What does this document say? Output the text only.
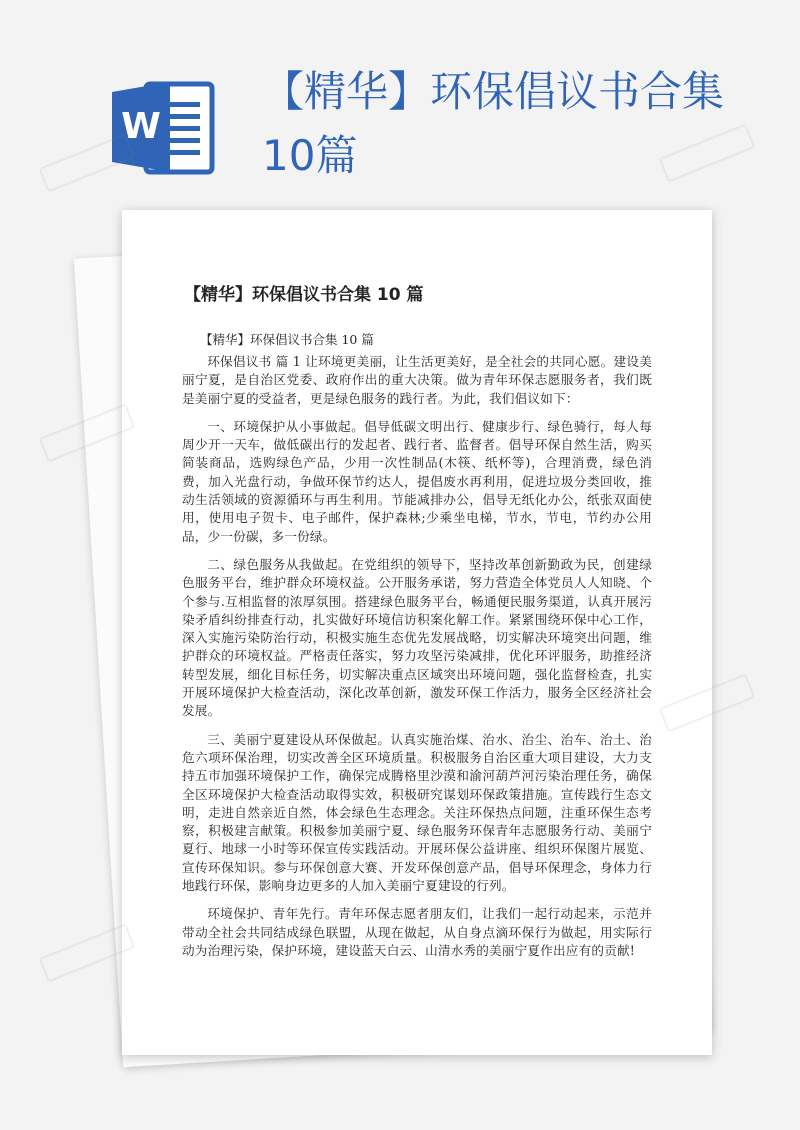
W
【精华】环保倡议书合集10篇
【精华】环保倡议书合集 10 篇

【精华】环保倡议书合集 10 篇

环保倡议书 篇 1 让环境更美丽，让生活更美好，是全社会的共同心愿。建设美丽宁夏，是自治区党委、政府作出的重大决策。做为青年环保志愿服务者，我们既是美丽宁夏的受益者，更是绿色服务的践行者。为此，我们倡议如下：

一、环境保护从小事做起。倡导低碳文明出行、健康步行、绿色骑行，每人每周少开一天车，做低碳出行的发起者、践行者、监督者。倡导环保自然生活，购买简装商品，选购绿色产品，少用一次性制品(木筷、纸杯等)，合理消费，绿色消费，加入光盘行动，争做环保节约达人，提倡废水再利用，促进垃圾分类回收，推动生活领域的资源循环与再生利用。节能减排办公，倡导无纸化办公，纸张双面使用，使用电子贺卡、电子邮件，保护森林;少乘坐电梯，节水，节电，节约办公用品，少一份碳，多一份绿。

二、绿色服务从我做起。在党组织的领导下，坚持改革创新勤政为民，创建绿色服务平台，维护群众环境权益。公开服务承诺，努力营造全体党员人人知晓、个个参与.互相监督的浓厚氛围。搭建绿色服务平台，畅通便民服务渠道，认真开展污染矛盾纠纷排查行动，扎实做好环境信访积案化解工作。紧紧围绕环保中心工作，深入实施污染防治行动，积极实施生态优先发展战略，切实解决环境突出问题，维护群众的环境权益。严格责任落实，努力攻坚污染减排，优化环评服务，助推经济转型发展，细化目标任务，切实解决重点区域突出环境问题，强化监督检查，扎实开展环境保护大检查活动，深化改革创新，激发环保工作活力，服务全区经济社会发展。

三、美丽宁夏建设从环保做起。认真实施治煤、治水、治尘、治车、治土、治危六项环保治理，切实改善全区环境质量。积极服务自治区重大项目建设，大力支持五市加强环境保护工作，确保完成腾格里沙漠和渝河葫芦河污染治理任务，确保全区环境保护大检查活动取得实效，积极研究谋划环保政策措施。宣传践行生态文明，走进自然亲近自然，体会绿色生态理念。关注环保热点问题，注重环保生态考察，积极建言献策。积极参加美丽宁夏、绿色服务环保青年志愿服务行动、美丽宁夏行、地球一小时等环保宣传实践活动。开展环保公益讲座、组织环保图片展览、宣传环保知识。参与环保创意大赛、开发环保创意产品，倡导环保理念，身体力行地践行环保，影响身边更多的人加入美丽宁夏建设的行列。

环境保护、青年先行。青年环保志愿者朋友们，让我们一起行动起来，示范并带动全社会共同结成绿色联盟，从现在做起，从自身点滴环保行为做起，用实际行动为治理污染，保护环境，建设蓝天白云、山清水秀的美丽宁夏作出应有的贡献!
